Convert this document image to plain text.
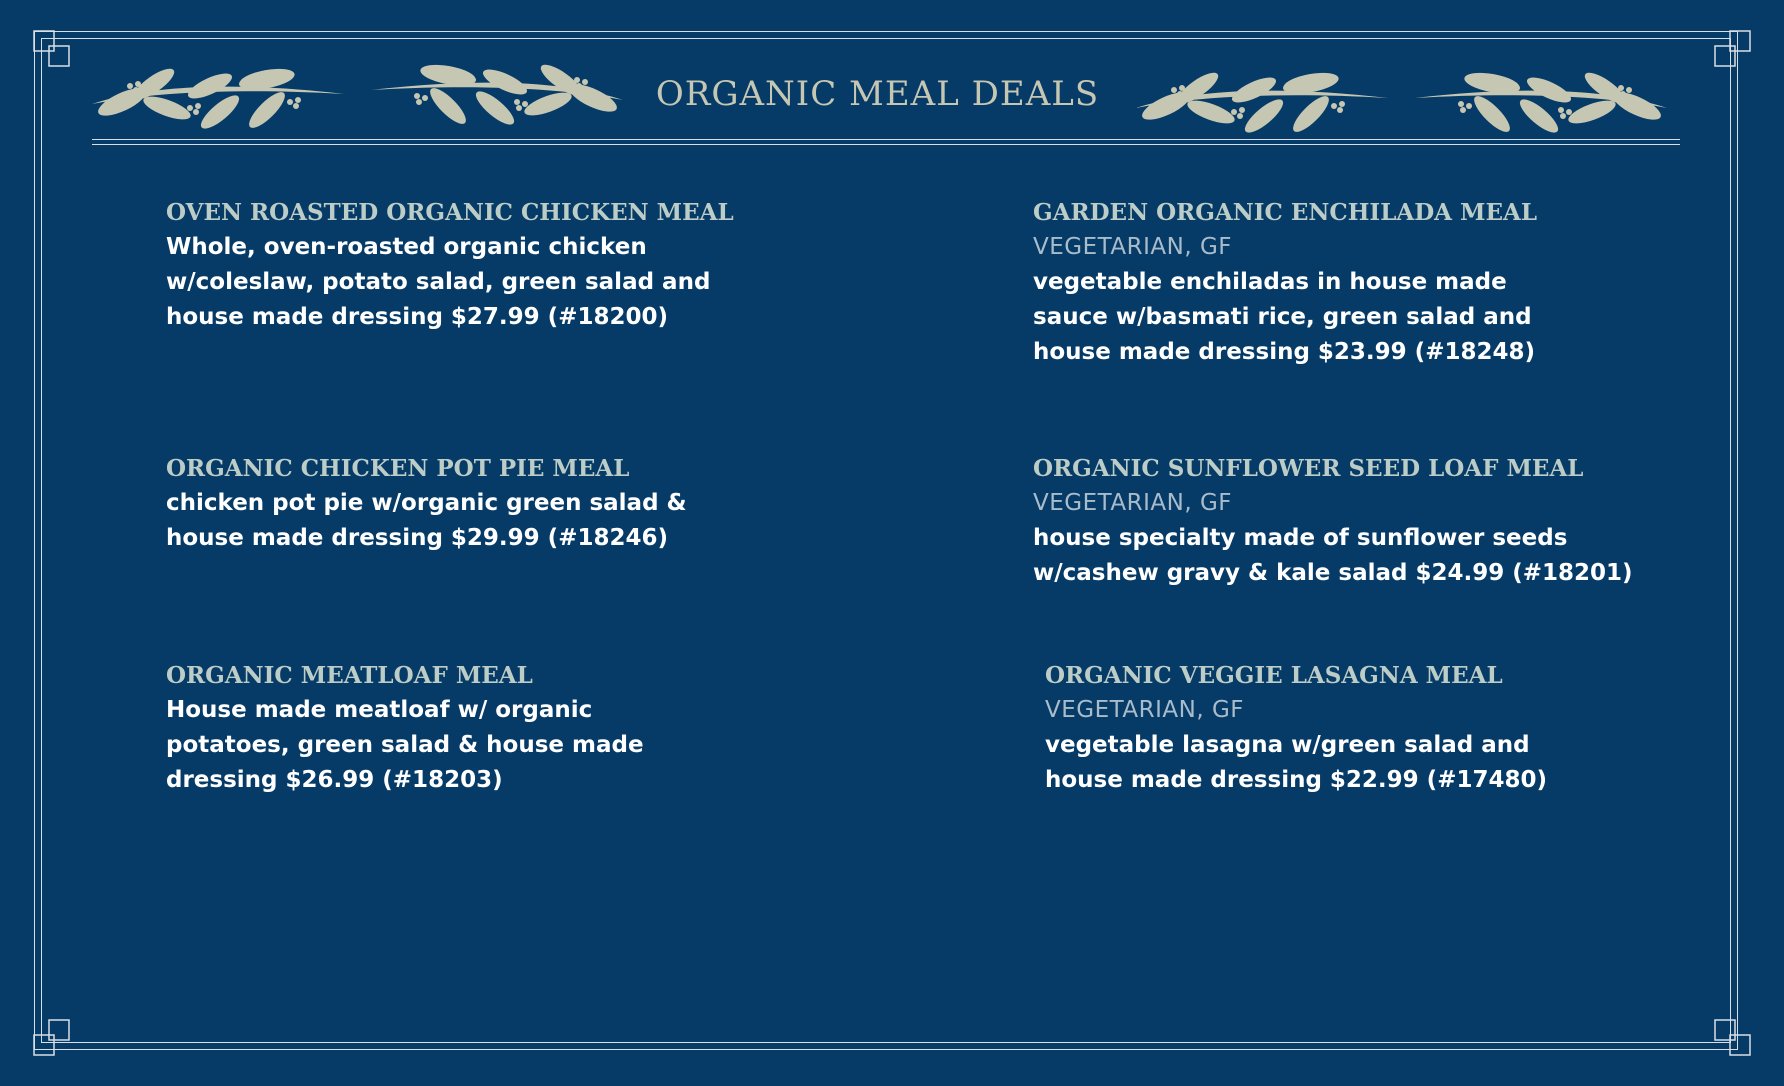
ORGANIC MEAL DEALS
OVEN ROASTED ORGANIC CHICKEN MEAL
Whole, oven-roasted organic chicken
w/coleslaw, potato salad, green salad and
house made dressing $27.99 (#18200)
ORGANIC CHICKEN POT PIE MEAL
chicken pot pie w/organic green salad &
house made dressing $29.99 (#18246)
ORGANIC MEATLOAF MEAL
House made meatloaf w/ organic
potatoes, green salad & house made
dressing $26.99 (#18203)
GARDEN ORGANIC ENCHILADA MEAL
VEGETARIAN, GF
vegetable enchiladas in house made
sauce w/basmati rice, green salad and
house made dressing $23.99 (#18248)
ORGANIC SUNFLOWER SEED LOAF MEAL
VEGETARIAN, GF
house specialty made of sunflower seeds
w/cashew gravy & kale salad $24.99 (#18201)
ORGANIC VEGGIE LASAGNA MEAL
VEGETARIAN, GF
vegetable lasagna w/green salad and
house made dressing $22.99 (#17480)
